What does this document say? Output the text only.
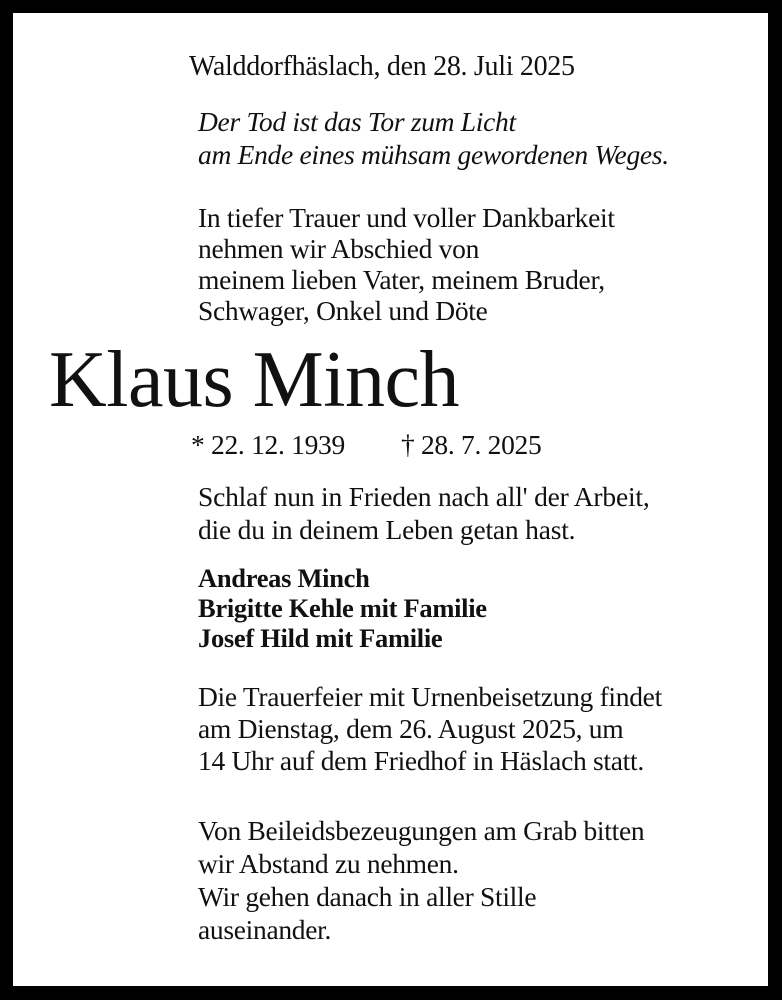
Walddorfhäslach, den 28. Juli 2025
Der Tod ist das Tor zum Licht
am Ende eines mühsam gewordenen Weges.
In tiefer Trauer und voller Dankbarkeit
nehmen wir Abschied von
meinem lieben Vater, meinem Bruder,
Schwager, Onkel und Döte
Klaus Minch
* 22. 12. 1939 † 28. 7. 2025
Schlaf nun in Frieden nach all' der Arbeit,
die du in deinem Leben getan hast.
Andreas Minch
Brigitte Kehle mit Familie
Josef Hild mit Familie
Die Trauerfeier mit Urnenbeisetzung findet
am Dienstag, dem 26. August 2025, um
14 Uhr auf dem Friedhof in Häslach statt.
Von Beileidsbezeugungen am Grab bitten
wir Abstand zu nehmen.
Wir gehen danach in aller Stille
auseinander.
